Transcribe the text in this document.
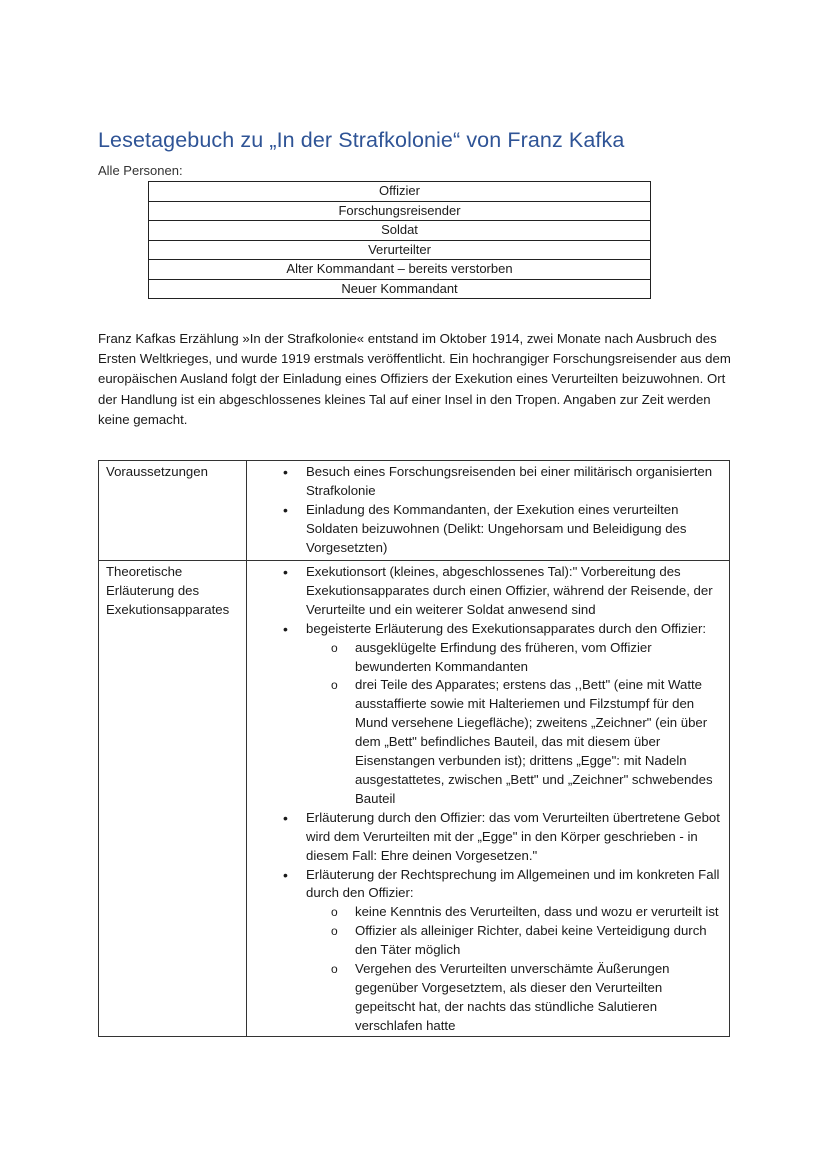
Lesetagebuch zu „In der Strafkolonie“ von Franz Kafka
Alle Personen:
Offizier
Forschungsreisender
Soldat
Verurteilter
Alter Kommandant – bereits verstorben
Neuer Kommandant

Franz Kafkas Erzählung »In der Strafkolonie« entstand im Oktober 1914, zwei Monate nach Ausbruch des Ersten Weltkrieges, und wurde 1919 erstmals veröffentlicht. Ein hochrangiger Forschungsreisender aus dem europäischen Ausland folgt der Einladung eines Offiziers der Exekution eines Verurteilten beizuwohnen. Ort der Handlung ist ein abgeschlossenes kleines Tal auf einer Insel in den Tropen. Angaben zur Zeit werden keine gemacht.

Voraussetzungen	
•Besuch eines Forschungsreisenden bei einer militärisch organisierten Strafkolonie
• Einladung des Kommandanten, der Exekution eines verurteilten Soldaten beizuwohnen (Delikt: Ungehorsam und Beleidigung des Vorgesetzten)

Theoretische Erläuterung des Exekutionsapparates	
• Exekutionsort (kleines, abgeschlossenes Tal):" Vorbereitung des Exekutionsapparates durch einen Offizier, während der Reisende, der Verurteilte und ein weiterer Soldat anwesend sind
• begeisterte Erläuterung des Exekutionsapparates durch den Offizier:
o ausgeklügelte Erfindung des früheren, vom Offizier bewunderten Kommandanten
o drei Teile des Apparates; erstens das ,,Bett" (eine mit Watte ausstaffierte sowie mit Halteriemen und Filzstumpf für den Mund versehene Liegefläche); zweitens „Zeichner" (ein über dem „Bett" befindliches Bauteil, das mit diesem über Eisenstangen verbunden ist); drittens „Egge": mit Nadeln ausgestattetes, zwischen „Bett" und „Zeichner" schwebendes Bauteil
• Erläuterung durch den Offizier: das vom Verurteilten übertretene Gebot wird dem Verurteilten mit der „Egge" in den Körper geschrieben - in diesem Fall: Ehre deinen Vorgesetzen."
• Erläuterung der Rechtsprechung im Allgemeinen und im konkreten Fall durch den Offizier:
o keine Kenntnis des Verurteilten, dass und wozu er verurteilt ist
o Offizier als alleiniger Richter, dabei keine Verteidigung durch den Täter möglich
o Vergehen des Verurteilten unverschämte Äußerungen gegenüber Vorgesetztem, als dieser den Verurteilten gepeitscht hat, der nachts das stündliche Salutieren verschlafen hatte
